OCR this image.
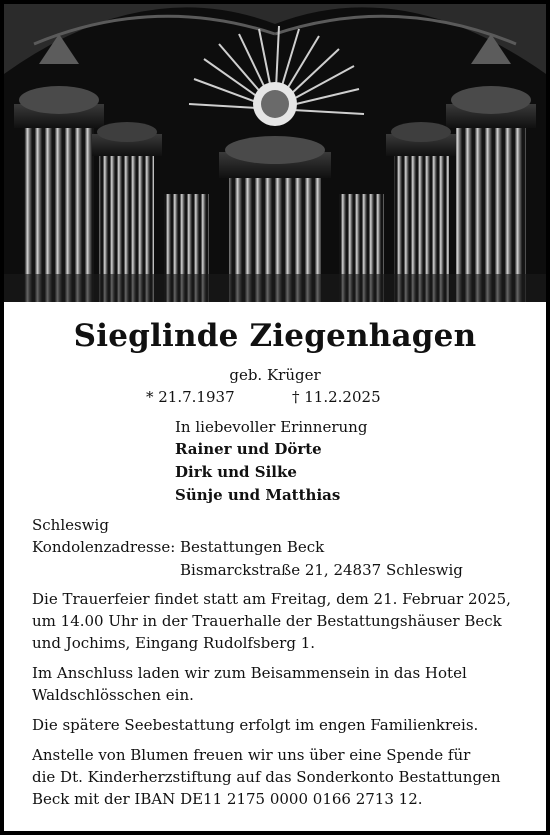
Sieglinde Ziegenhagen
geb. Krüger
* 21.7.1937	† 11.2.2025
In liebevoller Erinnerung
Rainer und Dörte
Dirk und Silke
Sünje und Matthias
Schleswig
Kondolenzadresse: Bestattungen Beck
Bismarckstraße 21, 24837 Schleswig
Die Trauerfeier findet statt am Freitag, dem 21. Februar 2025,
um 14.00 Uhr in der Trauerhalle der Bestattungshäuser Beck
und Jochims, Eingang Rudolfsberg 1.
Im Anschluss laden wir zum Beisammensein in das Hotel
Waldschlösschen ein.
Die spätere Seebestattung erfolgt im engen Familienkreis.
Anstelle von Blumen freuen wir uns über eine Spende für
die Dt. Kinderherzstiftung auf das Sonderkonto Bestattungen
Beck mit der IBAN DE11 2175 0000 0166 2713 12.
